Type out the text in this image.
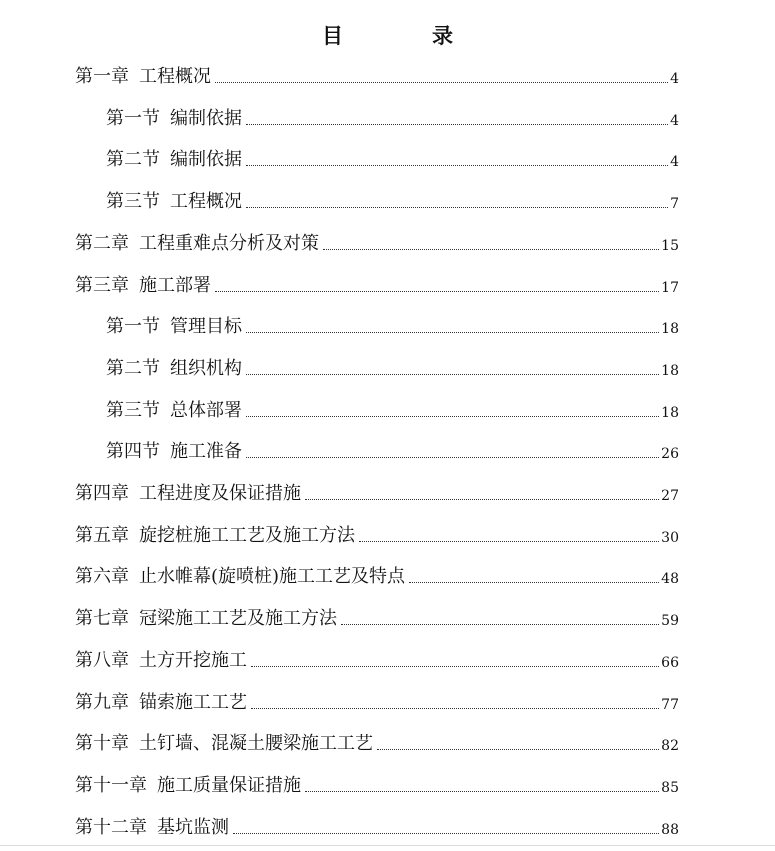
目　录
第一章 工程概况	4
第一节 编制依据	4
第二节 编制依据	4
第三节 工程概况	7
第二章 工程重难点分析及对策	15
第三章 施工部署	17
第一节 管理目标	18
第二节 组织机构	18
第三节 总体部署	18
第四节 施工准备	26
第四章 工程进度及保证措施	27
第五章 旋挖桩施工工艺及施工方法	30
第六章 止水帷幕(旋喷桩)施工工艺及特点	48
第七章 冠梁施工工艺及施工方法	59
第八章 土方开挖施工	66
第九章 锚索施工工艺	77
第十章 土钉墙、混凝土腰梁施工工艺	82
第十一章 施工质量保证措施	85
第十二章 基坑监测	88
